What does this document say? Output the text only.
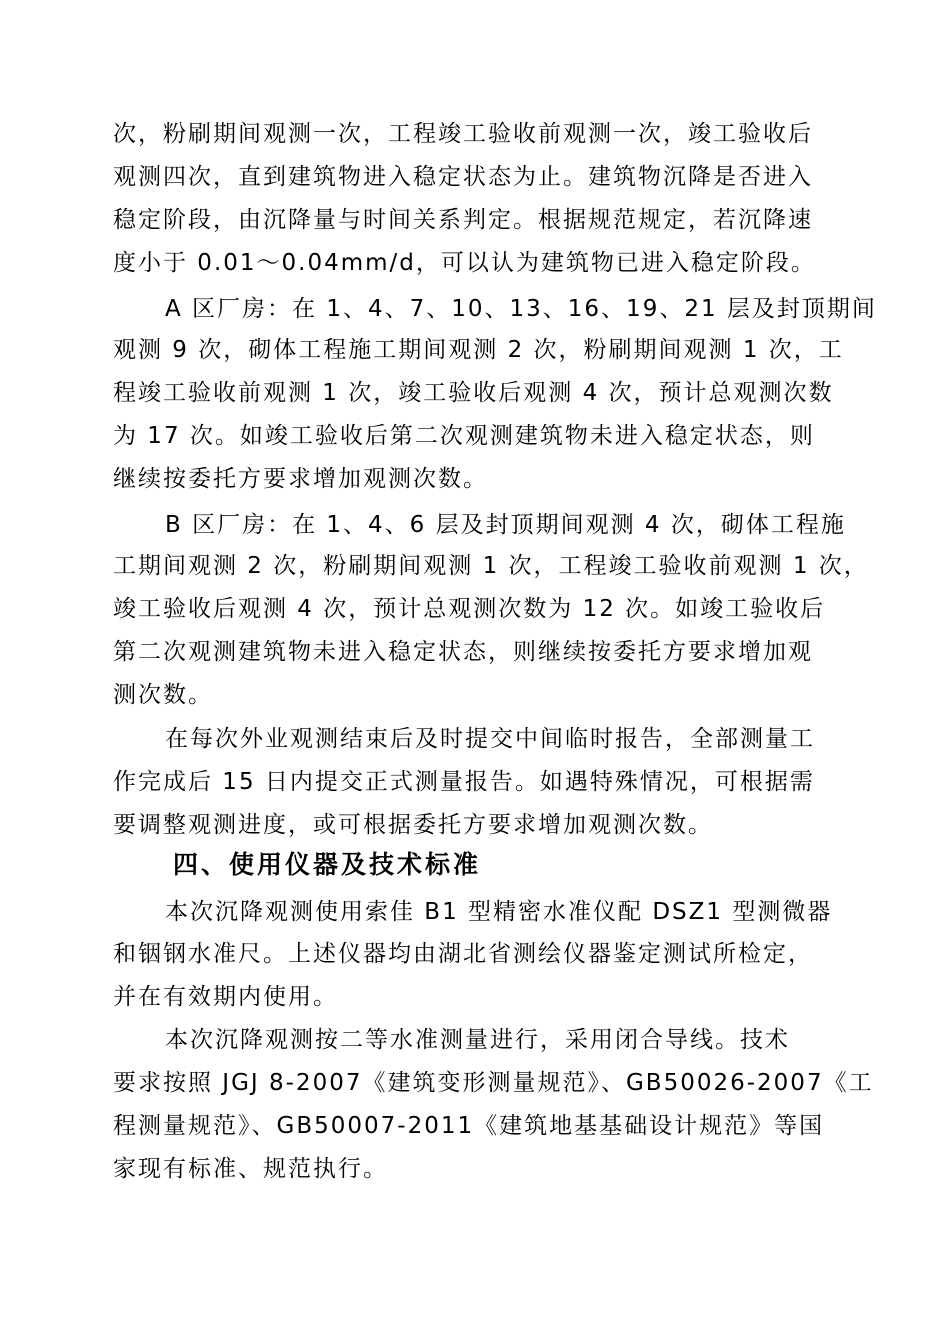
次，粉刷期间观测一次，工程竣工验收前观测一次，竣工验收后
观测四次，直到建筑物进入稳定状态为止。建筑物沉降是否进入
稳定阶段，由沉降量与时间关系判定。根据规范规定，若沉降速
度小于 0.01～0.04mm/d，可以认为建筑物已进入稳定阶段。
A 区厂房：在 1、4、7、10、13、16、19、21 层及封顶期间
观测 9 次，砌体工程施工期间观测 2 次，粉刷期间观测 1 次，工
程竣工验收前观测 1 次，竣工验收后观测 4 次，预计总观测次数
为 17 次。如竣工验收后第二次观测建筑物未进入稳定状态，则
继续按委托方要求增加观测次数。
B 区厂房：在 1、4、6 层及封顶期间观测 4 次，砌体工程施
工期间观测 2 次，粉刷期间观测 1 次，工程竣工验收前观测 1 次，
竣工验收后观测 4 次，预计总观测次数为 12 次。如竣工验收后
第二次观测建筑物未进入稳定状态，则继续按委托方要求增加观
测次数。
在每次外业观测结束后及时提交中间临时报告，全部测量工
作完成后 15 日内提交正式测量报告。如遇特殊情况，可根据需
要调整观测进度，或可根据委托方要求增加观测次数。
四、使用仪器及技术标准
本次沉降观测使用索佳 B1 型精密水准仪配 DSZ1 型测微器
和铟钢水准尺。上述仪器均由湖北省测绘仪器鉴定测试所检定，
并在有效期内使用。
本次沉降观测按二等水准测量进行，采用闭合导线。技术
要求按照 JGJ 8-2007《建筑变形测量规范》、GB50026-2007《工
程测量规范》、GB50007-2011《建筑地基基础设计规范》等国
家现有标准、规范执行。
